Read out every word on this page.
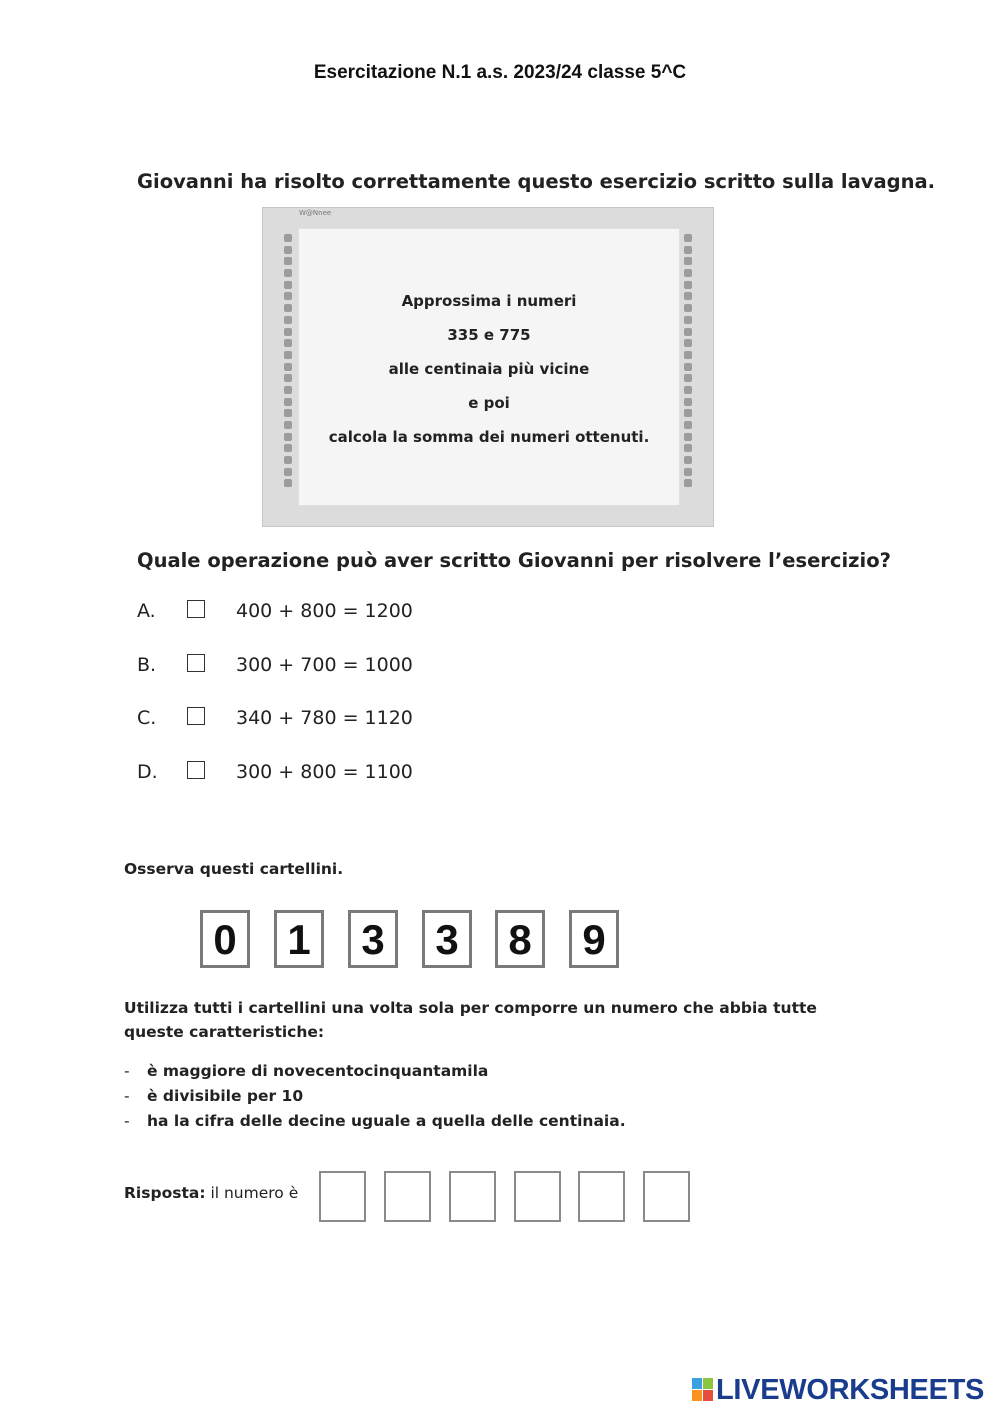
Esercitazione N.1 a.s. 2023/24 classe 5^C
Giovanni ha risolto correttamente questo esercizio scritto sulla lavagna.
W@Nnee
Approssima i numeri
335 e 775
alle centinaia più vicine
e poi
calcola la somma dei numeri ottenuti.
Quale operazione può aver scritto Giovanni per risolvere l’esercizio?
A.	400 + 800 = 1200
B.	300 + 700 = 1000
C.	340 + 780 = 1120
D.	300 + 800 = 1100
Osserva questi cartellini.
0	1	3	3	8	9
Utilizza tutti i cartellini una volta sola per comporre un numero che abbia tutte
queste caratteristiche:
- è maggiore di novecentocinquantamila
- è divisibile per 10
- ha la cifra delle decine uguale a quella delle centinaia.
Risposta: il numero è
LIVEWORKSHEETS
